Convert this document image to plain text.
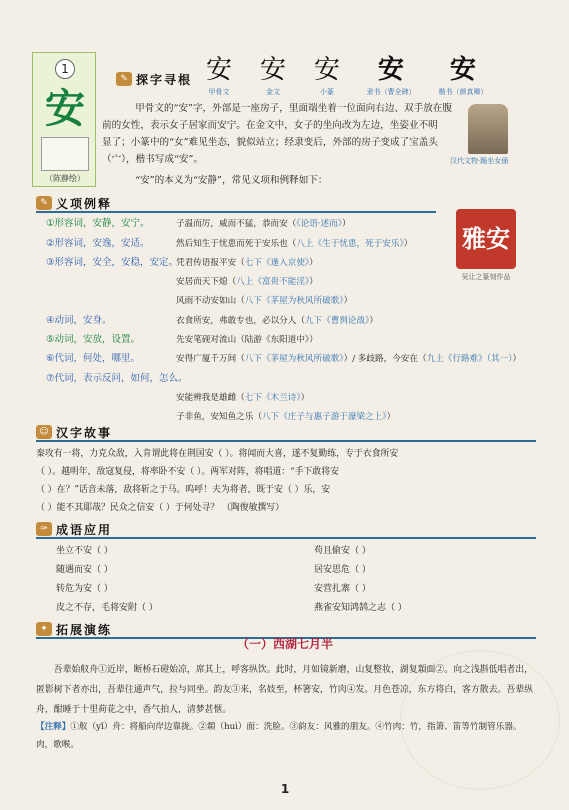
1
安
（陈静绘）
✎ 探字寻根 安
甲骨文
安
金文
安
小篆
安
隶书（曹全碑）
安
楷书（颜真卿）
汉代文物·跪坐女俑
甲骨文的“安”字，外部是一座房子，里面端坐着一位面向右边、双手放在腹
前的女性，表示女子居家而安宁。在金文中，女子的坐向改为左边，坐姿业不明
显了；小篆中的“女”难见坐态，貌似站立；经隶变后，外部的房子变成了宝盖头
（宀），楷书写成“安”。
“安”的本义为“安静”，常见义项和例释如下：
✎ 义项例释
雅安
吴让之篆刻作品
①形容词，安静，安宁。	子温而厉，威而不猛，恭而安（《论语·述而》）
②形容词，安逸，安适。	然后知生于忧患而死于安乐也（八上《生于忧患，死于安乐》）
③形容词，安全，安稳，安定。
凭君传语报平安（七下《逢入京使》）
安居而天下熄（八上《富贵不能淫》）
风雨不动安如山（八下《茅屋为秋风所破歌》）
④动词，安身。	衣食所安，弗敢专也，必以分人（九下《曹刿论战》）
⑤动词，安放，设置。	先安笔砚对流山（陆游《东阳道中》）
⑥代词，何处，哪里。	安得广厦千万间（八下《茅屋为秋风所破歌》）/ 多歧路，今安在（九上《行路难》（其一））
⑦代词，表示反问，如何，怎么。
安能辨我是雄雌（七下《木兰诗》）
子非鱼，安知鱼之乐（八下《庄子与惠子游于濠梁之上》）
☺ 汉字故事
秦攻有一将，力克众敌，入肯谓此将在荆国安（ ）。将闻而大喜，遂不复勤练，专于衣食所安
（ ）。越明年，敌寇复侵，将率卧不安（ ）。两军对阵，将唱道：“手下敢将安
（ ）在？”话音未落，敌将斩之于马。呜呼！夫为将者，既于安（ ）乐，安
（ ）能不其耶哉？民众之信安（ ）于何处寻？ （陶俊敏撰写）
✑ 成语应用
坐立不安（ ）	苟且偷安（ ）
随遇而安（ ）	居安思危（ ）
转危为安（ ）	安营扎寨（ ）
皮之不存，毛将安附（ ）	燕雀安知鸿鹄之志（ ）
✦ 拓展演练
（一）西湖七月半
吾辈始舣舟①近岸，断桥石磴始凉，席其上，呼客纵饮。此时，月如镜新磨，山复整妆，湖复頮面②。向之浅斟低唱者出，匿影树下者亦出，吾辈往通声气，拉与同坐。韵友③来，名妓至，杯箸安，竹肉④发。月色苍凉，东方将白，客方散去。吾辈纵舟，酣睡于十里荷花之中，香气拍人，清梦甚惬。
【注释】①舣（yǐ）舟：将船向岸边靠拢。②頮（huì）面：洗脸。③韵友：风雅的朋友。④竹肉：竹，指箫、笛等竹制管乐器。肉，歌喉。
1
